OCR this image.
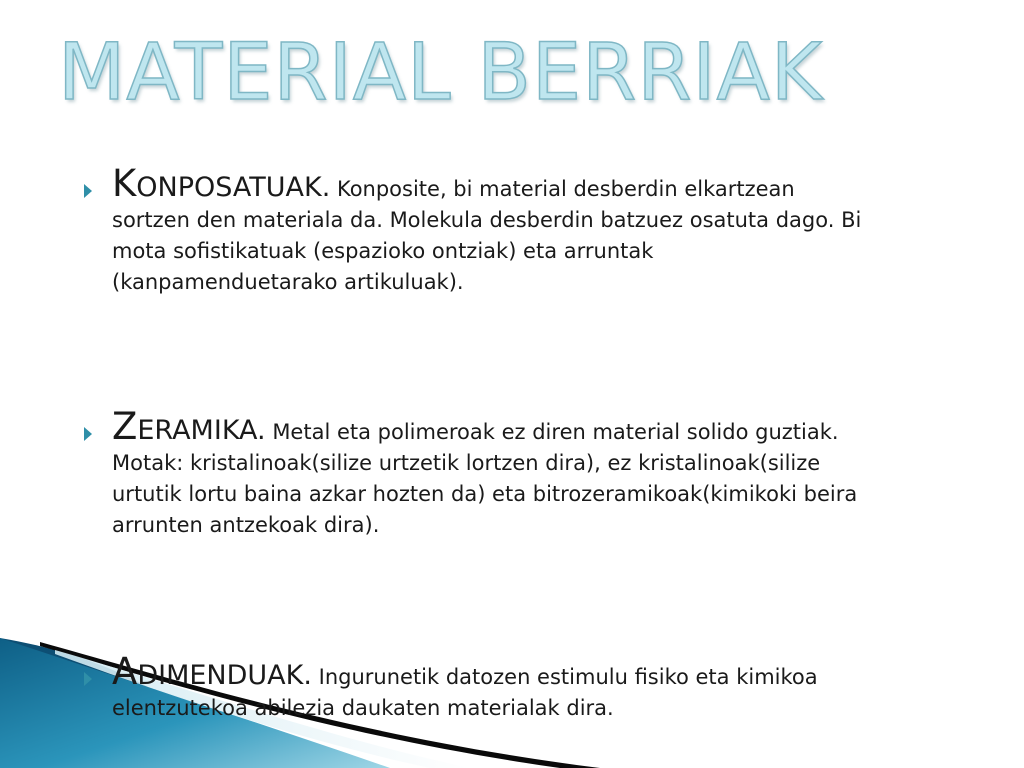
MATERIAL BERRIAK
KONPOSATUAK. Konposite, bi material desberdin elkartzean sortzen den materiala da. Molekula desberdin batzuez osatuta dago. Bi mota sofistikatuak (espazioko ontziak) eta arruntak (kanpamenduetarako artikuluak).
ZERAMIKA. Metal eta polimeroak ez diren material solido guztiak. Motak: kristalinoak(silize urtzetik lortzen dira), ez kristalinoak(silize urtutik lortu baina azkar hozten da) eta bitrozeramikoak(kimikoki beira arrunten antzekoak dira).
ADIMENDUAK. Ingurunetik datozen estimulu fisiko eta kimikoa elentzutekoa abilezia daukaten materialak dira.
